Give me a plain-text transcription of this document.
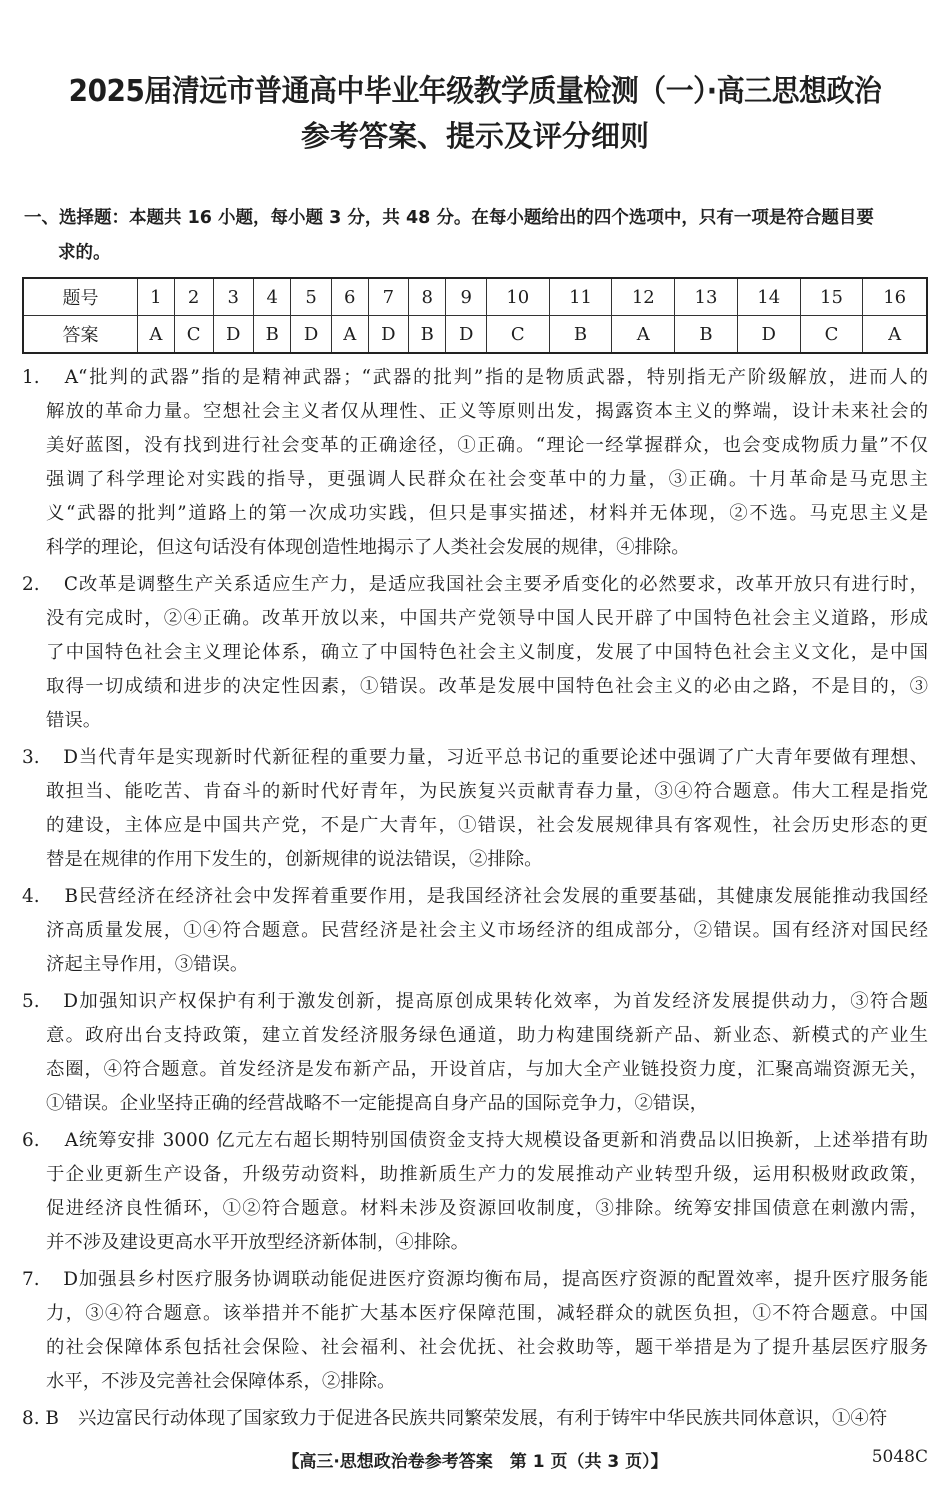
2025届清远市普通高中毕业年级教学质量检测（一）·高三思想政治
参考答案、提示及评分细则
一、选择题：本题共 16 小题，每小题 3 分，共 48 分。在每小题给出的四个选项中，只有一项是符合题目要
求的。
题号	1	2	3	4	5	6	7	8	9	10	11	12	13	14	15	16
答案	A	C	D	B	D	A	D	B	D	C	B	A	B	D	C	A
1. A“批判的武器”指的是精神武器；“武器的批判”指的是物质武器，特别指无产阶级解放，进而人的
解放的革命力量。空想社会主义者仅从理性、正义等原则出发，揭露资本主义的弊端，设计未来社会的
美好蓝图，没有找到进行社会变革的正确途径，①正确。“理论一经掌握群众，也会变成物质力量”不仅
强调了科学理论对实践的指导，更强调人民群众在社会变革中的力量，③正确。十月革命是马克思主
义“武器的批判”道路上的第一次成功实践，但只是事实描述，材料并无体现，②不选。马克思主义是
科学的理论，但这句话没有体现创造性地揭示了人类社会发展的规律，④排除。
2. C改革是调整生产关系适应生产力，是适应我国社会主要矛盾变化的必然要求，改革开放只有进行时，
没有完成时，②④正确。改革开放以来，中国共产党领导中国人民开辟了中国特色社会主义道路，形成
了中国特色社会主义理论体系，确立了中国特色社会主义制度，发展了中国特色社会主义文化，是中国
取得一切成绩和进步的决定性因素，①错误。改革是发展中国特色社会主义的必由之路，不是目的，③
错误。
3. D当代青年是实现新时代新征程的重要力量，习近平总书记的重要论述中强调了广大青年要做有理想、
敢担当、能吃苦、肯奋斗的新时代好青年，为民族复兴贡献青春力量，③④符合题意。伟大工程是指党
的建设，主体应是中国共产党，不是广大青年，①错误，社会发展规律具有客观性，社会历史形态的更
替是在规律的作用下发生的，创新规律的说法错误，②排除。
4. B民营经济在经济社会中发挥着重要作用，是我国经济社会发展的重要基础，其健康发展能推动我国经
济高质量发展，①④符合题意。民营经济是社会主义市场经济的组成部分，②错误。国有经济对国民经
济起主导作用，③错误。
5. D加强知识产权保护有利于激发创新，提高原创成果转化效率，为首发经济发展提供动力，③符合题
意。政府出台支持政策，建立首发经济服务绿色通道，助力构建围绕新产品、新业态、新模式的产业生
态圈，④符合题意。首发经济是发布新产品，开设首店，与加大全产业链投资力度，汇聚高端资源无关，
①错误。企业坚持正确的经营战略不一定能提高自身产品的国际竞争力，②错误，
6. A统筹安排 3000 亿元左右超长期特别国债资金支持大规模设备更新和消费品以旧换新，上述举措有助
于企业更新生产设备，升级劳动资料，助推新质生产力的发展推动产业转型升级，运用积极财政政策，
促进经济良性循环，①②符合题意。材料未涉及资源回收制度，③排除。统筹安排国债意在刺激内需，
并不涉及建设更高水平开放型经济新体制，④排除。
7. D加强县乡村医疗服务协调联动能促进医疗资源均衡布局，提高医疗资源的配置效率，提升医疗服务能
力，③④符合题意。该举措并不能扩大基本医疗保障范围，减轻群众的就医负担，①不符合题意。中国
的社会保障体系包括社会保险、社会福利、社会优抚、社会救助等，题干举措是为了提升基层医疗服务
水平，不涉及完善社会保障体系，②排除。
8. B 兴边富民行动体现了国家致力于促进各民族共同繁荣发展，有利于铸牢中华民族共同体意识，①④符
【高三·思想政治卷参考答案　第 1 页（共 3 页）】	5048C
